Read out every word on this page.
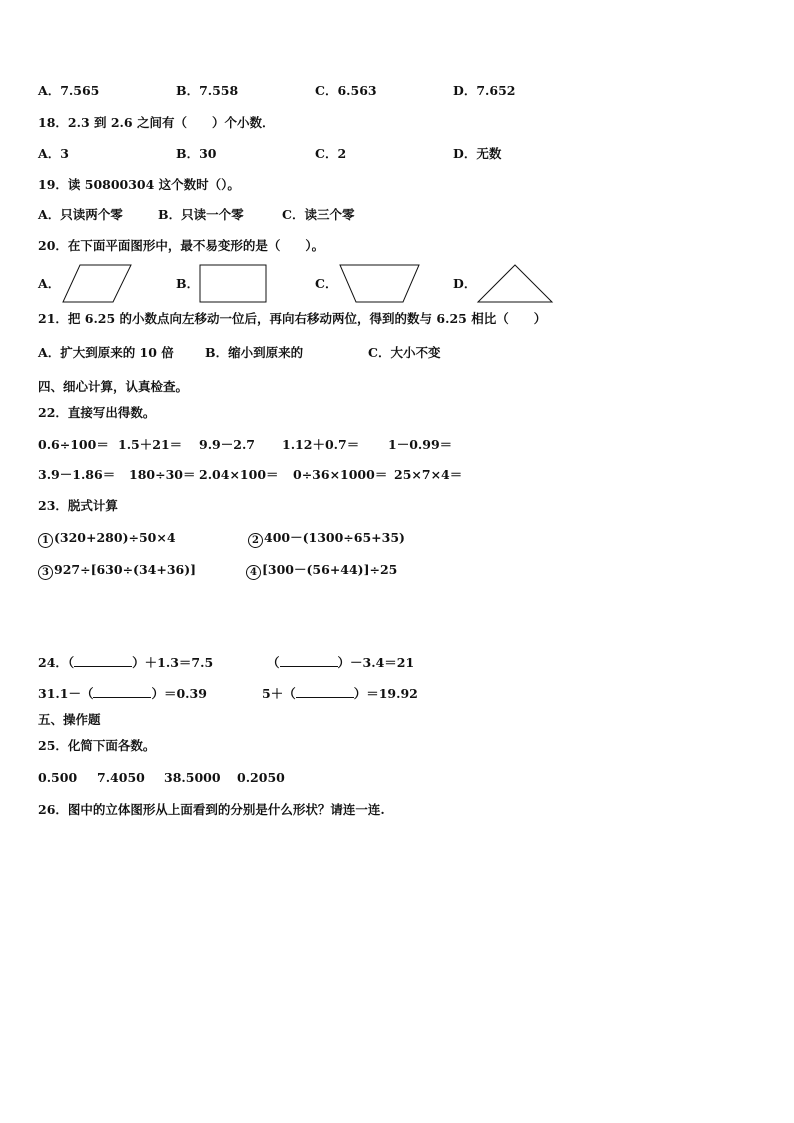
A．7.565	B．7.558	C．6.563	D．7.652
18．2.3 到 2.6 之间有（　　）个小数．
A．3	B．30	C．2	D．无数
19．读 50800304 这个数时（）。
A．只读两个零	B．只读一个零	C．读三个零
20．在下面平面图形中，最不易变形的是（　　）。
A．	B．	C．	D．
21．把 6.25 的小数点向左移动一位后，再向右移动两位，得到的数与 6.25 相比（　　）
A．扩大到原来的 10 倍 B．缩小到原来的	C．大小不变
四、细心计算，认真检查。
22．直接写出得数。
0.6÷100＝ 1.5＋21＝ 9.9－2.7 1.12＋0.7＝ 1－0.99＝
3.9－1.86＝ 180÷30＝ 2.04×100＝ 0÷36×1000＝ 25×7×4＝
23．脱式计算
1 (320+280)÷50×4	2 400－(1300÷65+35)
3 927÷[630÷(34+36)]	4 [300－(56+44)]÷25
24．（	）＋1.3＝7.5	（	）－3.4＝21
31.1－（	）＝0.39	5＋（	）＝19.92
五、操作题
25．化简下面各数。
0.500 7.4050 38.5000 0.2050
26．图中的立体图形从上面看到的分别是什么形状？请连一连.
